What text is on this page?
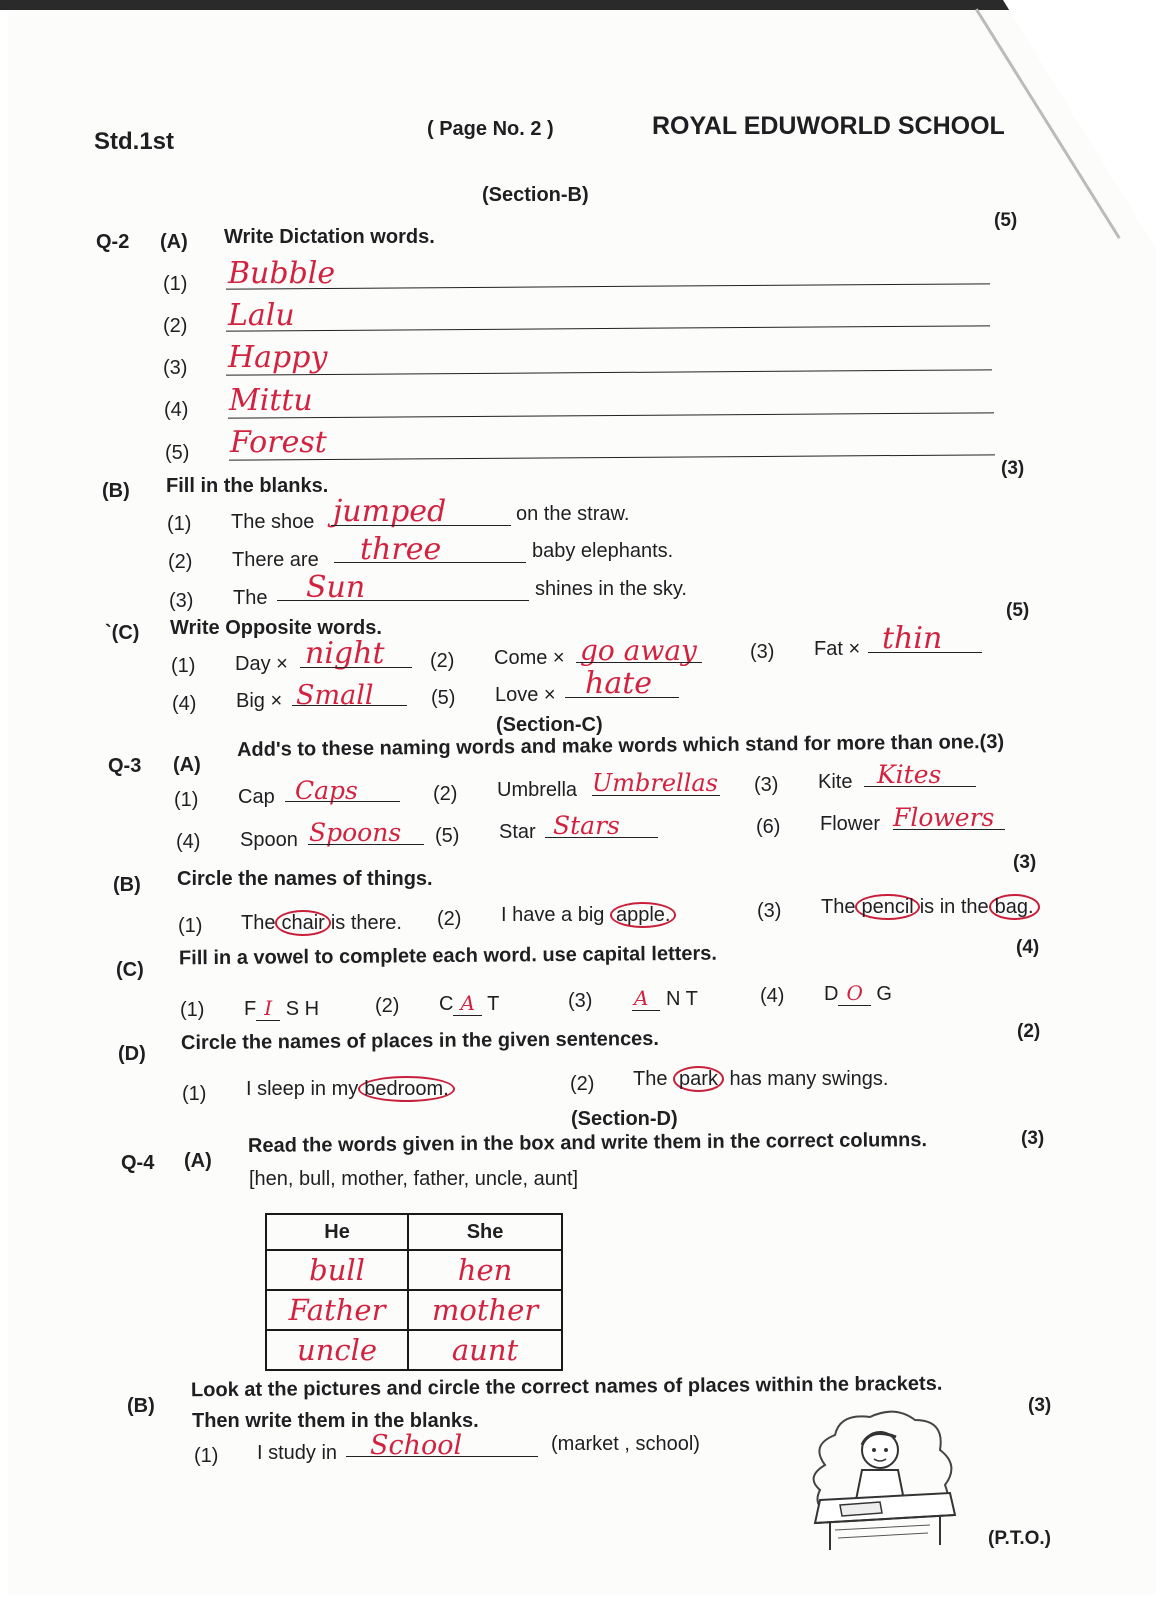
Std.1st	( Page No. 2 )	ROYAL EDUWORLD SCHOOL
(Section-B)
(5)
Q-2 (A) Write Dictation words.
(1) Bubble
(2) Lalu
(3) Happy
(4) Mittu
(5) Forest
(3)
(B) Fill in the blanks.
(1) The shoe jumped	on the straw.
(2) There are three	baby elephants.
(3) The Sun	shines in the sky.
(5)
`(C) Write Opposite words.
(1) Day × night (2) Come × go away	(3) Fat × thin
(4) Big × Small	(5) Love × hate
(Section-C)
Q-3 (A)
Add's to these naming words and make words which stand for more than one.(3)
(1) Cap Caps	(2) Umbrella Umbrellas (3) Kite Kites
(4) Spoon Spoons (5) Star Stars	(6) Flower Flowers
(3)
(B) Circle the names of things.
(1) The chair is there. (2) I have a big apple.	(3) The pencil is in the bag.
(4)
(C)
Fill in a vowel to complete each word. use capital letters.
(1) F I S H	(2) C A T	(3) A N T	(4) D O G
(2)
(D) Circle the names of places in the given sentences.
(1) I sleep in my bedroom.	(2) The park has many swings.
(Section-D)
Q-4 (A)
Read the words given in the box and write them in the correct columns.	(3)
[hen, bull, mother, father, uncle, aunt]
He	She
bull	hen
Father	mother
uncle	aunt
(B)
Look at the pictures and circle the correct names of places within the brackets.
Then write them in the blanks.
(3)
(1) I study in School	(market , school)
(P.T.O.)
